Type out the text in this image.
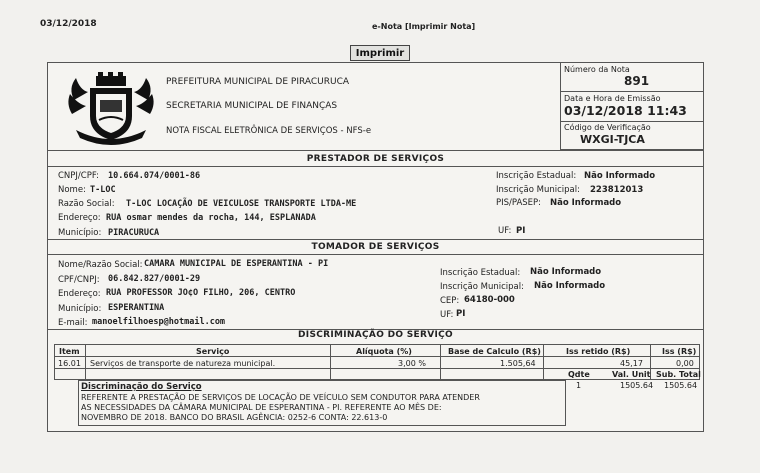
03/12/2018	e-Nota [Imprimir Nota]
Imprimir
PREFEITURA MUNICIPAL DE PIRACURUCA
SECRETARIA MUNICIPAL DE FINANÇAS
NOTA FISCAL ELETRÔNICA DE SERVIÇOS - NFS-e
Número da Nota
891
Data e Hora de Emissão
03/12/2018 11:43
Código de Verificação
WXGI-TJCA
PRESTADOR DE SERVIÇOS
CNPJ/CPF: 10.664.074/0001-86
Nome: T-LOC
Razão Social: T-LOC LOCAÇÃO DE VEICULOSE TRANSPORTE LTDA-ME
Endereço: RUA osmar mendes da rocha, 144, ESPLANADA
Município: PIRACURUCA
Inscrição Estadual: Não Informado
Inscrição Municipal: 223812013
PIS/PASEP: Não Informado
UF: PI
TOMADOR DE SERVIÇOS
Nome/Razão Social: CAMARA MUNICIPAL DE ESPERANTINA - PI
CPF/CNPJ: 06.842.827/0001-29
Endereço: RUA PROFESSOR JO¢O FILHO, 206, CENTRO
Município: ESPERANTINA
E-mail: manoelfilhoesp@hotmail.com
Inscrição Estadual: Não Informado
Inscrição Municipal: Não Informado
CEP: 64180-000
UF: PI
DISCRIMINAÇÃO DO SERVIÇO
Item	Serviço	Alíquota (%)	Base de Calculo (R$)	Iss retido (R$)	Iss (R$)
16.01 Serviços de transporte de natureza municipal.	3,00 %	1.505,64	45,17	0,00
Qdte	Val. Unit Sub. Total
Discriminação do Serviço
REFERENTE A PRESTAÇÃO DE SERVIÇOS DE LOCAÇÃO DE VEÍCULO SEM CONDUTOR PARA ATENDER
AS NECESSIDADES DA CÂMARA MUNICIPAL DE ESPERANTINA - PI. REFERENTE AO MÊS DE:
NOVEMBRO DE 2018. BANCO DO BRASIL AGÊNCIA: 0252-6 CONTA: 22.613-0
1	1505.64 1505.64
